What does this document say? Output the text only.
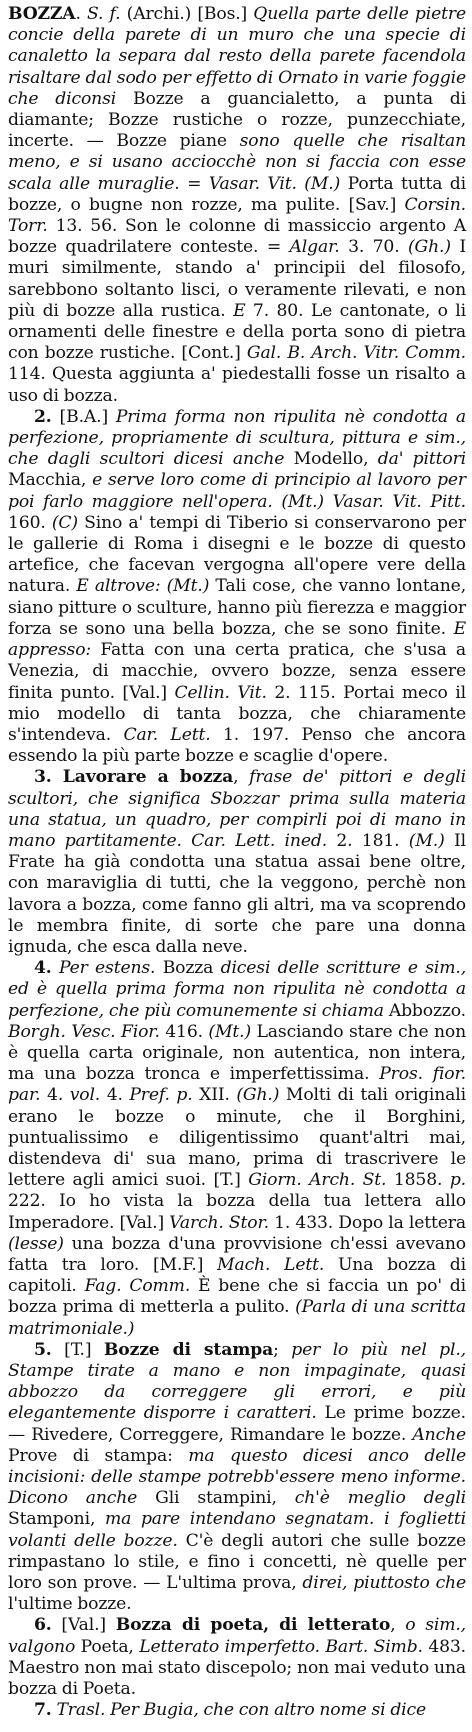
BOZZA. S. f. (Archi.) [Bos.] Quella parte delle pietre concie della parete di un muro che una specie di canaletto la separa dal resto della parete facendola risaltare dal sodo per effetto di Ornato in varie foggie che diconsi Bozze a guancialetto, a punta di diamante; Bozze rustiche o rozze, punzecchiate, incerte. — Bozze piane sono quelle che risaltan meno, e si usano acciocchè non si faccia con esse scala alle muraglie. = Vasar. Vit. (M.) Porta tutta di bozze, o bugne non rozze, ma pulite. [Sav.] Corsin. Torr. 13. 56. Son le colonne di massiccio argento A bozze quadrilatere conteste. = Algar. 3. 70. (Gh.) I muri similmente, stando a' principii del filosofo, sarebbono soltanto lisci, o veramente rilevati, e non più di bozze alla rustica. E 7. 80. Le cantonate, o li ornamenti delle finestre e della porta sono di pietra con bozze rustiche. [Cont.] Gal. B. Arch. Vitr. Comm. 114. Questa aggiunta a' piedestalli fosse un risalto a uso di bozza.

2. [B.A.] Prima forma non ripulita nè condotta a perfezione, propriamente di scultura, pittura e sim., che dagli scultori dicesi anche Modello, da' pittori Macchia, e serve loro come di principio al lavoro per poi farlo maggiore nell'opera. (Mt.) Vasar. Vit. Pitt. 160. (C) Sino a' tempi di Tiberio si conservarono per le gallerie di Roma i disegni e le bozze di questo artefice, che facevan vergogna all'opere vere della natura. E altrove: (Mt.) Tali cose, che vanno lontane, siano pitture o sculture, hanno più fierezza e maggior forza se sono una bella bozza, che se sono finite. E appresso: Fatta con una certa pratica, che s'usa a Venezia, di macchie, ovvero bozze, senza essere finita punto. [Val.] Cellin. Vit. 2. 115. Portai meco il mio modello di tanta bozza, che chiaramente s'intendeva. Car. Lett. 1. 197. Penso che ancora essendo la più parte bozze e scaglie d'opere.

3. Lavorare a bozza, frase de' pittori e degli scultori, che significa Sbozzar prima sulla materia una statua, un quadro, per compirli poi di mano in mano partitamente. Car. Lett. ined. 2. 181. (M.) Il Frate ha già condotta una statua assai bene oltre, con maraviglia di tutti, che la veggono, perchè non lavora a bozza, come fanno gli altri, ma va scoprendo le membra finite, di sorte che pare una donna ignuda, che esca dalla neve.

4. Per estens. Bozza dicesi delle scritture e sim., ed è quella prima forma non ripulita nè condotta a perfezione, che più comunemente si chiama Abbozzo. Borgh. Vesc. Fior. 416. (Mt.) Lasciando stare che non è quella carta originale, non autentica, non intera, ma una bozza tronca e imperfettissima. Pros. fior. par. 4. vol. 4. Pref. p. XII. (Gh.) Molti di tali originali erano le bozze o minute, che il Borghini, puntualissimo e diligentissimo quant'altri mai, distendeva di' sua mano, prima di trascrivere le lettere agli amici suoi. [T.] Giorn. Arch. St. 1858. p. 222. Io ho vista la bozza della tua lettera allo Imperadore. [Val.] Varch. Stor. 1. 433. Dopo la lettera (lesse) una bozza d'una provvisione ch'essi avevano fatta tra loro. [M.F.] Mach. Lett. Una bozza di capitoli. Fag. Comm. È bene che si faccia un po' di bozza prima di metterla a pulito. (Parla di una scritta matrimoniale.)

5. [T.] Bozze di stampa; per lo più nel pl., Stampe tirate a mano e non impaginate, quasi abbozzo da correggere gli errori, e più elegantemente disporre i caratteri. Le prime bozze. — Rivedere, Correggere, Rimandare le bozze. Anche Prove di stampa: ma questo dicesi anco delle incisioni: delle stampe potrebb'essere meno informe. Dicono anche Gli stampini, ch'è meglio degli Stamponi, ma pare intendano segnatam. i foglietti volanti delle bozze. C'è degli autori che sulle bozze rimpastano lo stile, e fino i concetti, nè quelle per loro son prove. — L'ultima prova, direi, piuttosto che l'ultime bozze.

6. [Val.] Bozza di poeta, di letterato, o sim., valgono Poeta, Letterato imperfetto. Bart. Simb. 483. Maestro non mai stato discepolo; non mai veduto una bozza di Poeta.

7. Trasl. Per Bugia, che con altro nome si dice
